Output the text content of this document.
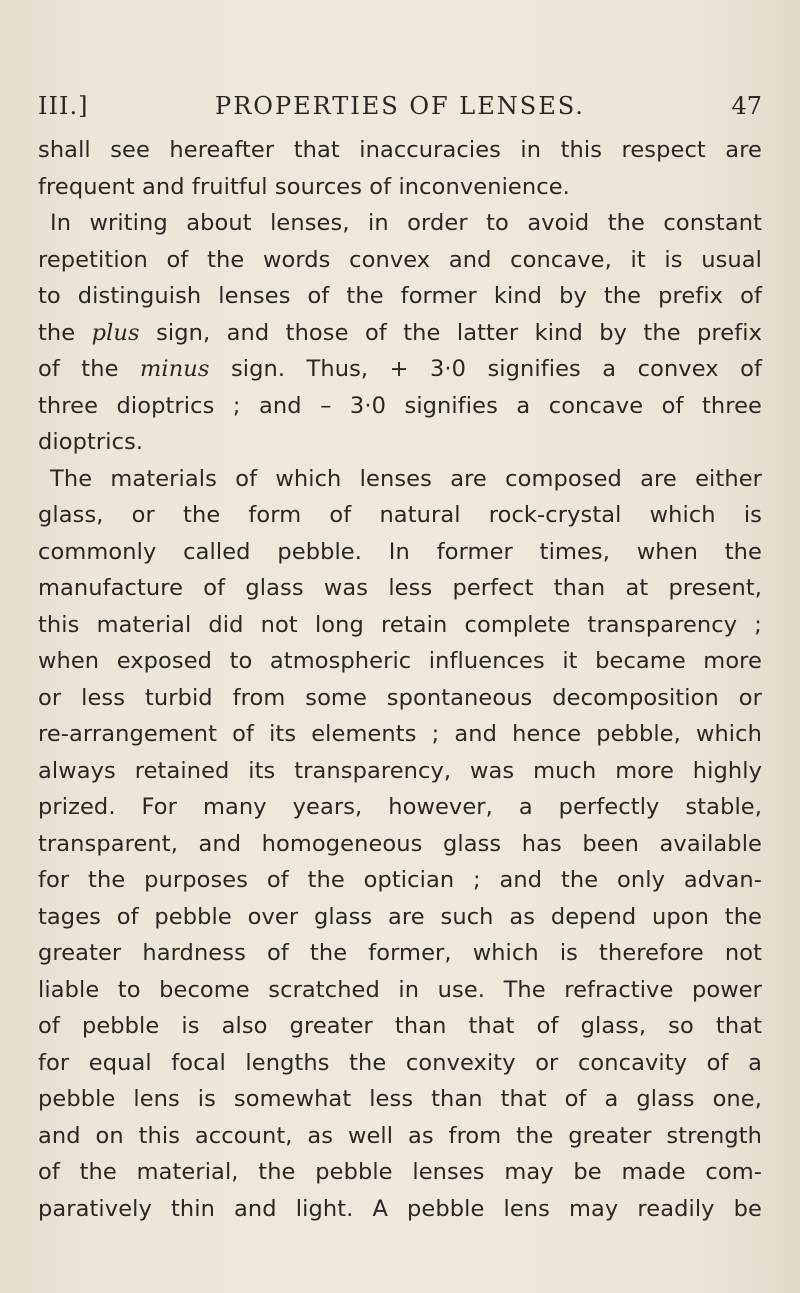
III.]	PROPERTIES OF LENSES.	47
shall see hereafter that inaccuracies in this respect are
frequent and fruitful sources of inconvenience.
In writing about lenses, in order to avoid the constant
repetition of the words convex and concave, it is usual
to distinguish lenses of the former kind by the prefix of
the plus sign, and those of the latter kind by the prefix
of the minus sign. Thus, + 3·0 signifies a convex of
three dioptrics ; and – 3·0 signifies a concave of three
dioptrics.
The materials of which lenses are composed are either
glass, or the form of natural rock-crystal which is
commonly called pebble. In former times, when the
manufacture of glass was less perfect than at present,
this material did not long retain complete transparency ;
when exposed to atmospheric influences it became more
or less turbid from some spontaneous decomposition or
re-arrangement of its elements ; and hence pebble, which
always retained its transparency, was much more highly
prized. For many years, however, a perfectly stable,
transparent, and homogeneous glass has been available
for the purposes of the optician ; and the only advan-
tages of pebble over glass are such as depend upon the
greater hardness of the former, which is therefore not
liable to become scratched in use. The refractive power
of pebble is also greater than that of glass, so that
for equal focal lengths the convexity or concavity of a
pebble lens is somewhat less than that of a glass one,
and on this account, as well as from the greater strength
of the material, the pebble lenses may be made com-
paratively thin and light. A pebble lens may readily be
